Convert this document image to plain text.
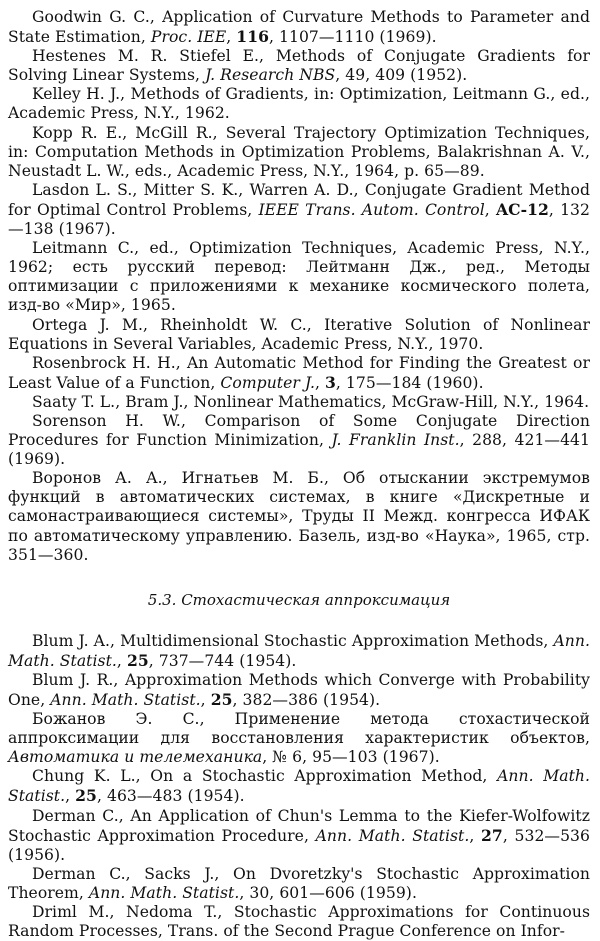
Goodwin G. C., Application of Curvature Methods to Parameter and State Estimation, Proc. IEE, 116, 1107—1110 (1969).

Hestenes M. R. Stiefel E., Methods of Conjugate Gradients for Solving Linear Systems, J. Research NBS, 49, 409 (1952).

Kelley H. J., Methods of Gradients, in: Optimization, Leitmann G., ed., Academic Press, N.Y., 1962.

Kopp R. E., McGill R., Several Trajectory Optimization Techniques, in: Computation Methods in Optimization Problems, Balakrishnan A. V., Neustadt L. W., eds., Academic Press, N.Y., 1964, p. 65—89.

Lasdon L. S., Mitter S. K., Warren A. D., Conjugate Gradient Method for Optimal Control Problems, IEEE Trans. Autom. Control, AC-12, 132—138 (1967).

Leitmann C., ed., Optimization Techniques, Academic Press, N.Y., 1962; есть русский перевод: Лейтманн Дж., ред., Методы оптимизации с приложениями к механике космического полета, изд-во «Мир», 1965.

Ortega J. M., Rheinholdt W. C., Iterative Solution of Nonlinear Equations in Several Variables, Academic Press, N.Y., 1970.

Rosenbrock H. H., An Automatic Method for Finding the Greatest or Least Value of a Function, Computer J., 3, 175—184 (1960).

Saaty T. L., Bram J., Nonlinear Mathematics, McGraw-Hill, N.Y., 1964.

Sorenson H. W., Comparison of Some Conjugate Direction Procedures for Function Minimization, J. Franklin Inst., 288, 421—441 (1969).

Воронов А. А., Игнатьев М. Б., Об отыскании экстремумов функций в автоматических системах, в книге «Дискретные и самонастраивающиеся системы», Труды II Межд. конгресса ИФАК по автоматическому управлению. Базель, изд-во «Наука», 1965, стр. 351—360.

5.3. Стохастическая аппроксимация

Blum J. A., Multidimensional Stochastic Approximation Methods, Ann. Math. Statist., 25, 737—744 (1954).

Blum J. R., Approximation Methods which Converge with Probability One, Ann. Math. Statist., 25, 382—386 (1954).

Бoжанов Э. С., Применение метода стохастической аппроксимации для восстановления характеристик объектов, Автоматика и телемеханика, № 6, 95—103 (1967).

Chung K. L., On a Stochastic Approximation Method, Ann. Math. Statist., 25, 463—483 (1954).

Derman C., An Application of Chun's Lemma to the Kiefer-Wolfowitz Stochastic Approximation Procedure, Ann. Math. Statist., 27, 532—536 (1956).

Derman C., Sacks J., On Dvoretzky's Stochastic Approximation Theorem, Ann. Math. Statist., 30, 601—606 (1959).

Driml M., Nedoma T., Stochastic Approximations for Continuous Random Processes, Trans. of the Second Prague Conference on Infor-
